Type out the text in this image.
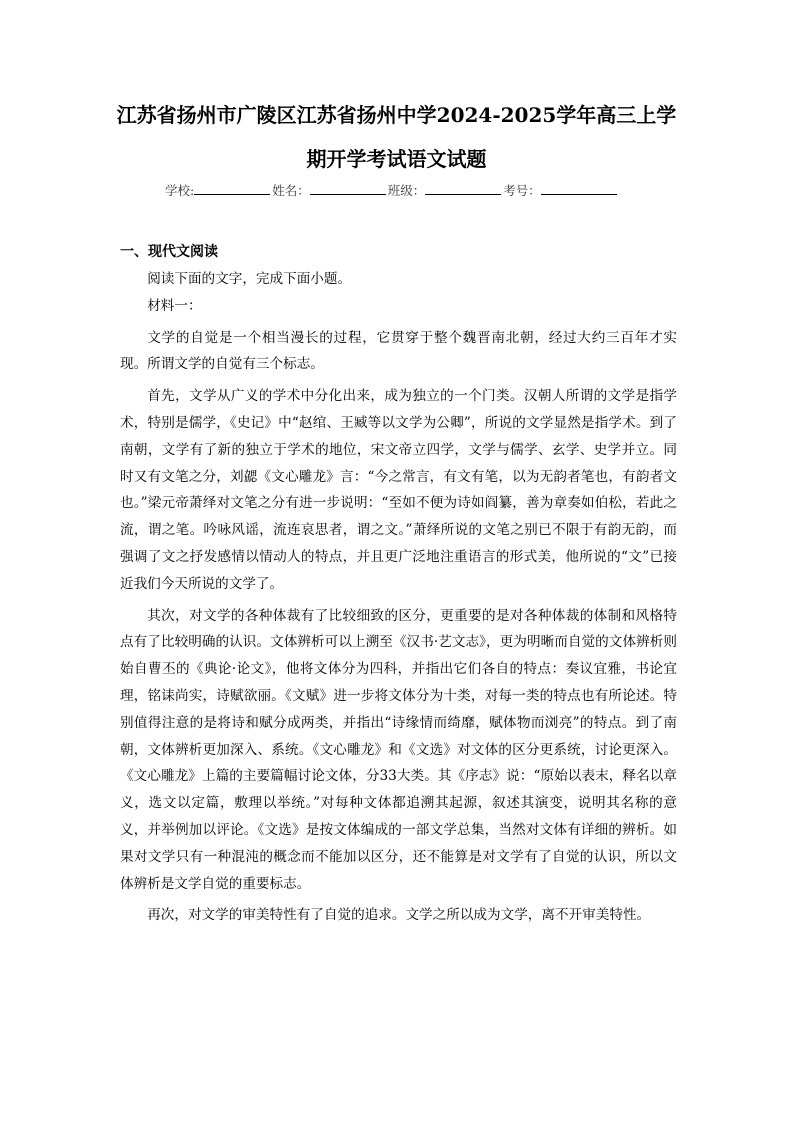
江苏省扬州市广陵区江苏省扬州中学2024-2025学年高三上学
期开学考试语文试题
学校:	姓名：	班级：	考号：
一、现代文阅读

阅读下面的文字，完成下面小题。

材料一：

文学的自觉是一个相当漫长的过程，它贯穿于整个魏晋南北朝，经过大约三百年才实现。所谓文学的自觉有三个标志。

首先，文学从广义的学术中分化出来，成为独立的一个门类。汉朝人所谓的文学是指学术，特别是儒学，《史记》中“赵绾、王臧等以文学为公卿”，所说的文学显然是指学术。到了南朝，文学有了新的独立于学术的地位，宋文帝立四学，文学与儒学、玄学、史学并立。同时又有文笔之分，刘勰《文心雕龙》言：“今之常言，有文有笔，以为无韵者笔也，有韵者文也。”梁元帝萧绎对文笔之分有进一步说明：“至如不便为诗如阎纂，善为章奏如伯松，若此之流，谓之笔。吟咏风谣，流连哀思者，谓之文。”萧绎所说的文笔之别已不限于有韵无韵，而强调了文之抒发感情以情动人的特点，并且更广泛地注重语言的形式美，他所说的“文”已接近我们今天所说的文学了。

其次，对文学的各种体裁有了比较细致的区分，更重要的是对各种体裁的体制和风格特点有了比较明确的认识。文体辨析可以上溯至《汉书·艺文志》，更为明晰而自觉的文体辨析则始自曹丕的《典论·论文》，他将文体分为四科，并指出它们各自的特点：奏议宜雅，书论宜理，铭诔尚实，诗赋欲丽。《文赋》进一步将文体分为十类，对每一类的特点也有所论述。特别值得注意的是将诗和赋分成两类，并指出“诗缘情而绮靡，赋体物而浏亮”的特点。到了南朝，文体辨析更加深入、系统。《文心雕龙》和《文选》对文体的区分更系统，讨论更深入。《文心雕龙》上篇的主要篇幅讨论文体，分33大类。其《序志》说：“原始以表末，释名以章义，选文以定篇，敷理以举统。”对每种文体都追溯其起源，叙述其演变，说明其名称的意义，并举例加以评论。《文选》是按文体编成的一部文学总集，当然对文体有详细的辨析。如果对文学只有一种混沌的概念而不能加以区分，还不能算是对文学有了自觉的认识，所以文体辨析是文学自觉的重要标志。

再次，对文学的审美特性有了自觉的追求。文学之所以成为文学，离不开审美特性。
